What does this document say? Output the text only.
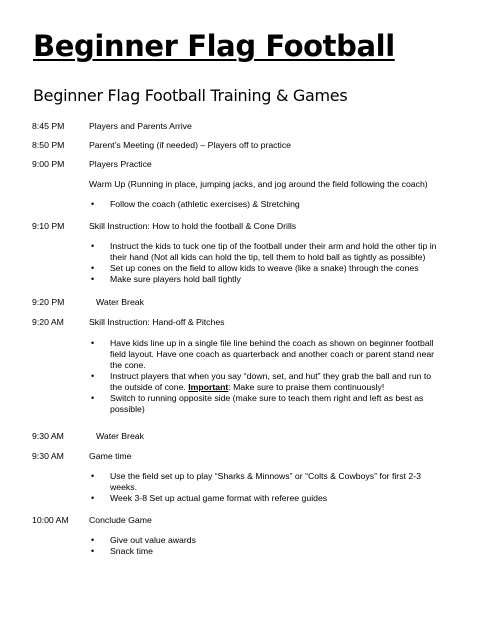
Beginner Flag Football
Beginner Flag Football Training & Games
8:45 PM	Players and Parents Arrive
8:50 PM	Parent’s Meeting (if needed) – Players off to practice
9:00 PM	Players Practice
Warm Up (Running in place, jumping jacks, and jog around the field following the coach)
• Follow the coach (athletic exercises) & Stretching
9:10 PM	Skill Instruction: How to hold the football & Cone Drills
• Instruct the kids to tuck one tip of the football under their arm and hold the other tip in
their hand (Not all kids can hold the tip, tell them to hold ball as tightly as possible)
• Set up cones on the field to allow kids to weave (like a snake) through the cones
• Make sure players hold ball tightly
9:20 PM	Water Break
9:20 AM	Skill Instruction: Hand-off & Pitches
• Have kids line up in a single file line behind the coach as shown on beginner football
field layout. Have one coach as quarterback and another coach or parent stand near
the cone.
• Instruct players that when you say “down, set, and hut” they grab the ball and run to
the outside of cone. Important: Make sure to praise them continuously!
• Switch to running opposite side (make sure to teach them right and left as best as
possible)
9:30 AM	Water Break
9:30 AM	Game time
• Use the field set up to play “Sharks & Minnows” or “Colts & Cowboys” for first 2-3
weeks.
• Week 3-8 Set up actual game format with referee guides
10:00 AM Conclude Game
• Give out value awards
• Snack time
